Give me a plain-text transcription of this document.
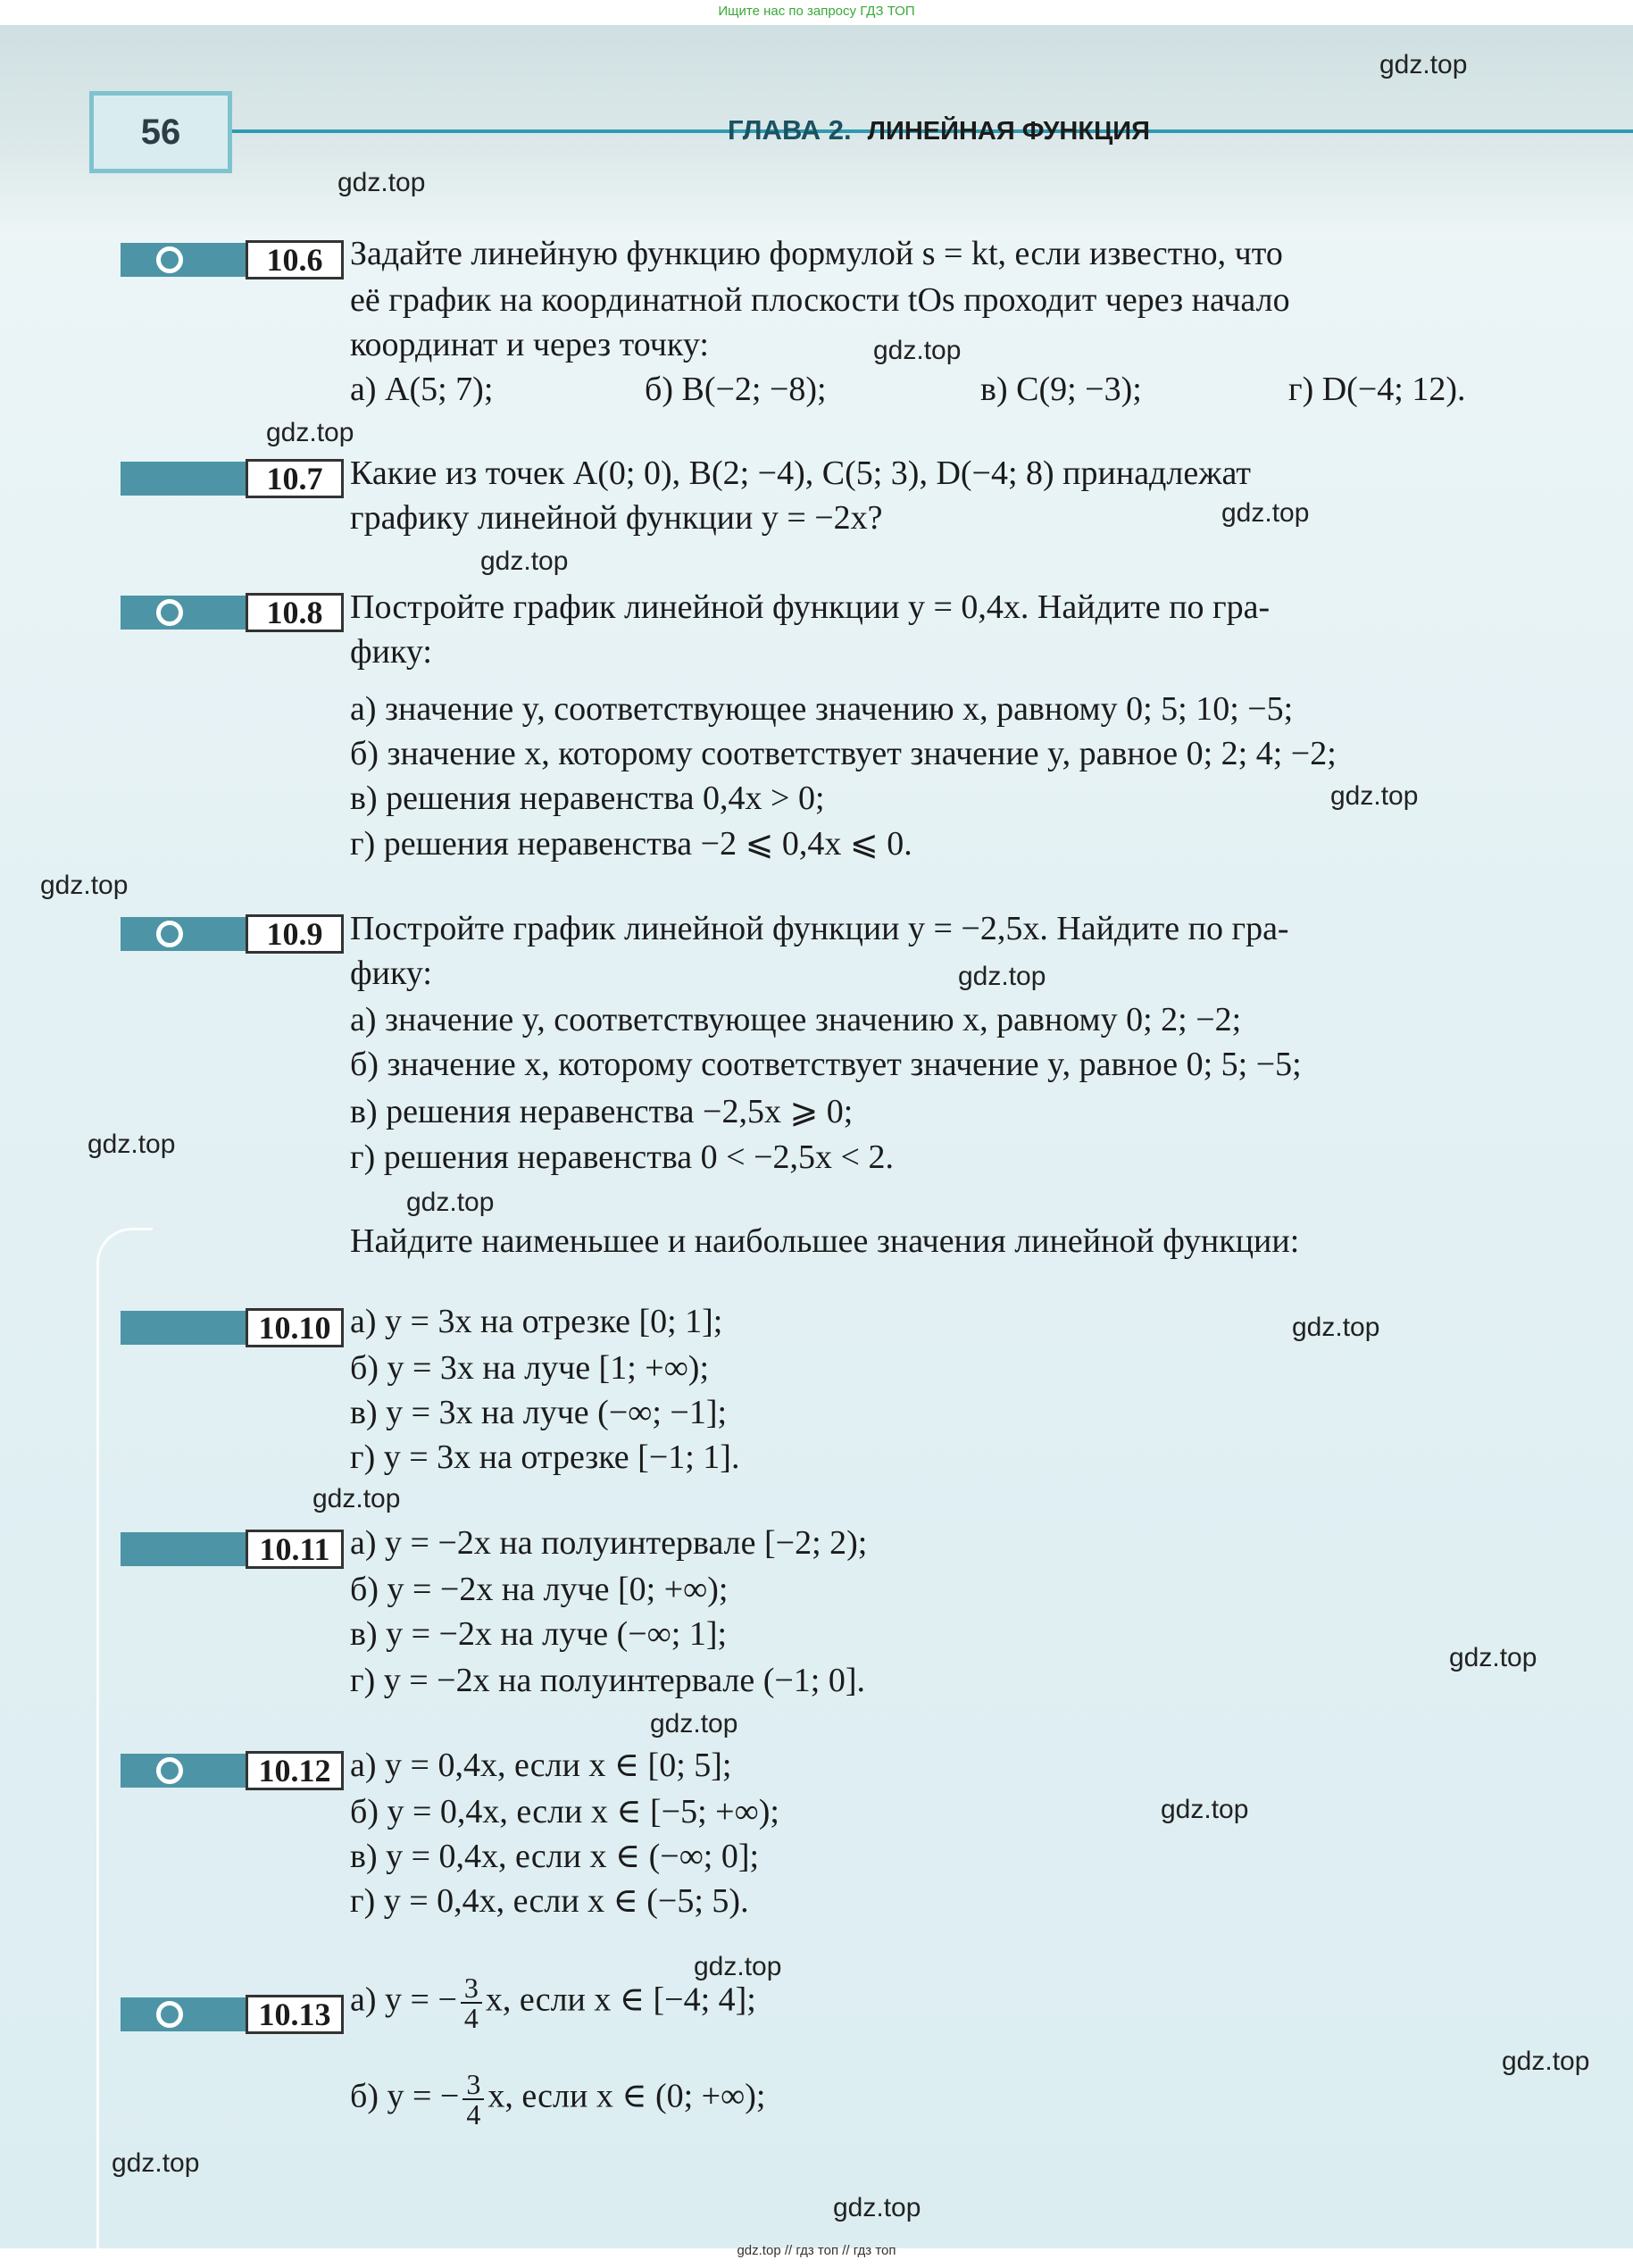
Ищите нас по запросу ГДЗ ТОП
56	ГЛАВА 2. ЛИНЕЙНАЯ ФУНКЦИЯ
10.6 Задайте линейную функцию формулой s = kt, если известно, что
её график на координатной плоскости tOs проходит через начало
координат и через точку:
а) A(5; 7);	б) B(−2; −8);	в) C(9; −3);	г) D(−4; 12).
10.7 Какие из точек A(0; 0), B(2; −4), C(5; 3), D(−4; 8) принадлежат
графику линейной функции y = −2x?
10.8 Постройте график линейной функции y = 0,4x. Найдите по гра-
фику:
а) значение y, соответствующее значению x, равному 0; 5; 10; −5;
б) значение x, которому соответствует значение y, равное 0; 2; 4; −2;
в) решения неравенства 0,4x > 0;
г) решения неравенства −2 ⩽ 0,4x ⩽ 0.
10.9 Постройте график линейной функции y = −2,5x. Найдите по гра-
фику:
а) значение y, соответствующее значению x, равному 0; 2; −2;
б) значение x, которому соответствует значение y, равное 0; 5; −5;
в) решения неравенства −2,5x ⩾ 0;
г) решения неравенства 0 < −2,5x < 2.
Найдите наименьшее и наибольшее значения линейной функции:
10.10 а) y = 3x на отрезке [0; 1];
б) y = 3x на луче [1; +∞);
в) y = 3x на луче (−∞; −1];
г) y = 3x на отрезке [−1; 1].
10.11 а) y = −2x на полуинтервале [−2; 2);
б) y = −2x на луче [0; +∞);
в) y = −2x на луче (−∞; 1];
г) y = −2x на полуинтервале (−1; 0].
10.12 а) y = 0,4x, если x ∈ [0; 5];
б) y = 0,4x, если x ∈ [−5; +∞);
в) y = 0,4x, если x ∈ (−∞; 0];
г) y = 0,4x, если x ∈ (−5; 5).
10.13 а) y = − $\frac{3}{4} x$, если x ∈ [−4; 4];
б) y = − $\frac{3}{4} x$, если x ∈ (0; +∞);
gdz.top
gdz.top
gdz.top
gdz.top
gdz.top
gdz.top
gdz.top
gdz.top
gdz.top
gdz.top
gdz.top
gdz.top
gdz.top
gdz.top
gdz.top
gdz.top
gdz.top
gdz.top
gdz.top
gdz.top
gdz.top // гдз топ // гдз топ
